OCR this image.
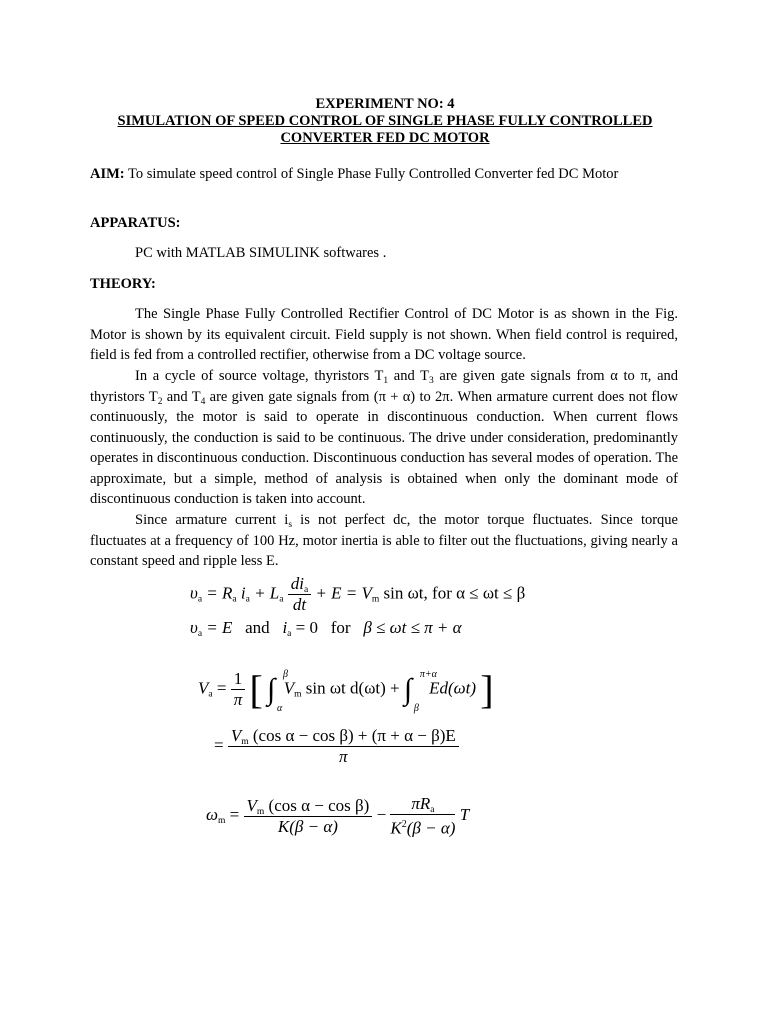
EXPERIMENT NO: 4
SIMULATION OF SPEED CONTROL OF SINGLE PHASE FULLY CONTROLLED
CONVERTER FED DC MOTOR
AIM: To simulate speed control of Single Phase Fully Controlled Converter fed DC Motor
APPARATUS:
PC with MATLAB SIMULINK softwares .
THEORY:
The Single Phase Fully Controlled Rectifier Control of DC Motor is as shown in the Fig. Motor is shown by its equivalent circuit. Field supply is not shown. When field control is required, field is fed from a controlled rectifier, otherwise from a DC voltage source.
In a cycle of source voltage, thyristors $T_1$ and $T_3$ are given gate signals from α to π, and thyristors $T_2$ and $T_4$ are given gate signals from (π + α) to 2π. When armature current does not flow continuously, the motor is said to operate in discontinuous conduction. When current flows continuously, the conduction is said to be continuous. The drive under consideration, predominantly operates in discontinuous conduction. Discontinuous conduction has several modes of operation. The approximate, but a simple, method of analysis is obtained when only the dominant mode of discontinuous conduction is taken into account.
Since armature current $i_s$ is not perfect dc, the motor torque fluctuates. Since torque fluctuates at a frequency of 100 Hz, motor inertia is able to filter out the fluctuations, giving nearly a constant speed and ripple less E.
$\upsilon_a = R_a$ $i_a + L_a \frac{di_a}{dt} + E = V_m$ sin ωt, for α ≤ ωt ≤ β
$\upsilon_a = E$ and $i_a = 0$ for β ≤ ωt ≤ π + α
$V_a = \frac{1}{\pi}$ [ ∫ β
α
$V_m$ sin ωt d(ωt) + ∫ π+α
β
Ed(ωt) ]
= $\frac{V_m (\cos \alpha - \cos \beta) + (\pi + \alpha - \beta)E}{\pi}$
$\omega_m = \frac{V_m (\cos \alpha - \cos \beta)}{K(\beta - \alpha)} - \frac{\pi R_a}{K^2(\beta - \alpha)}$ T
